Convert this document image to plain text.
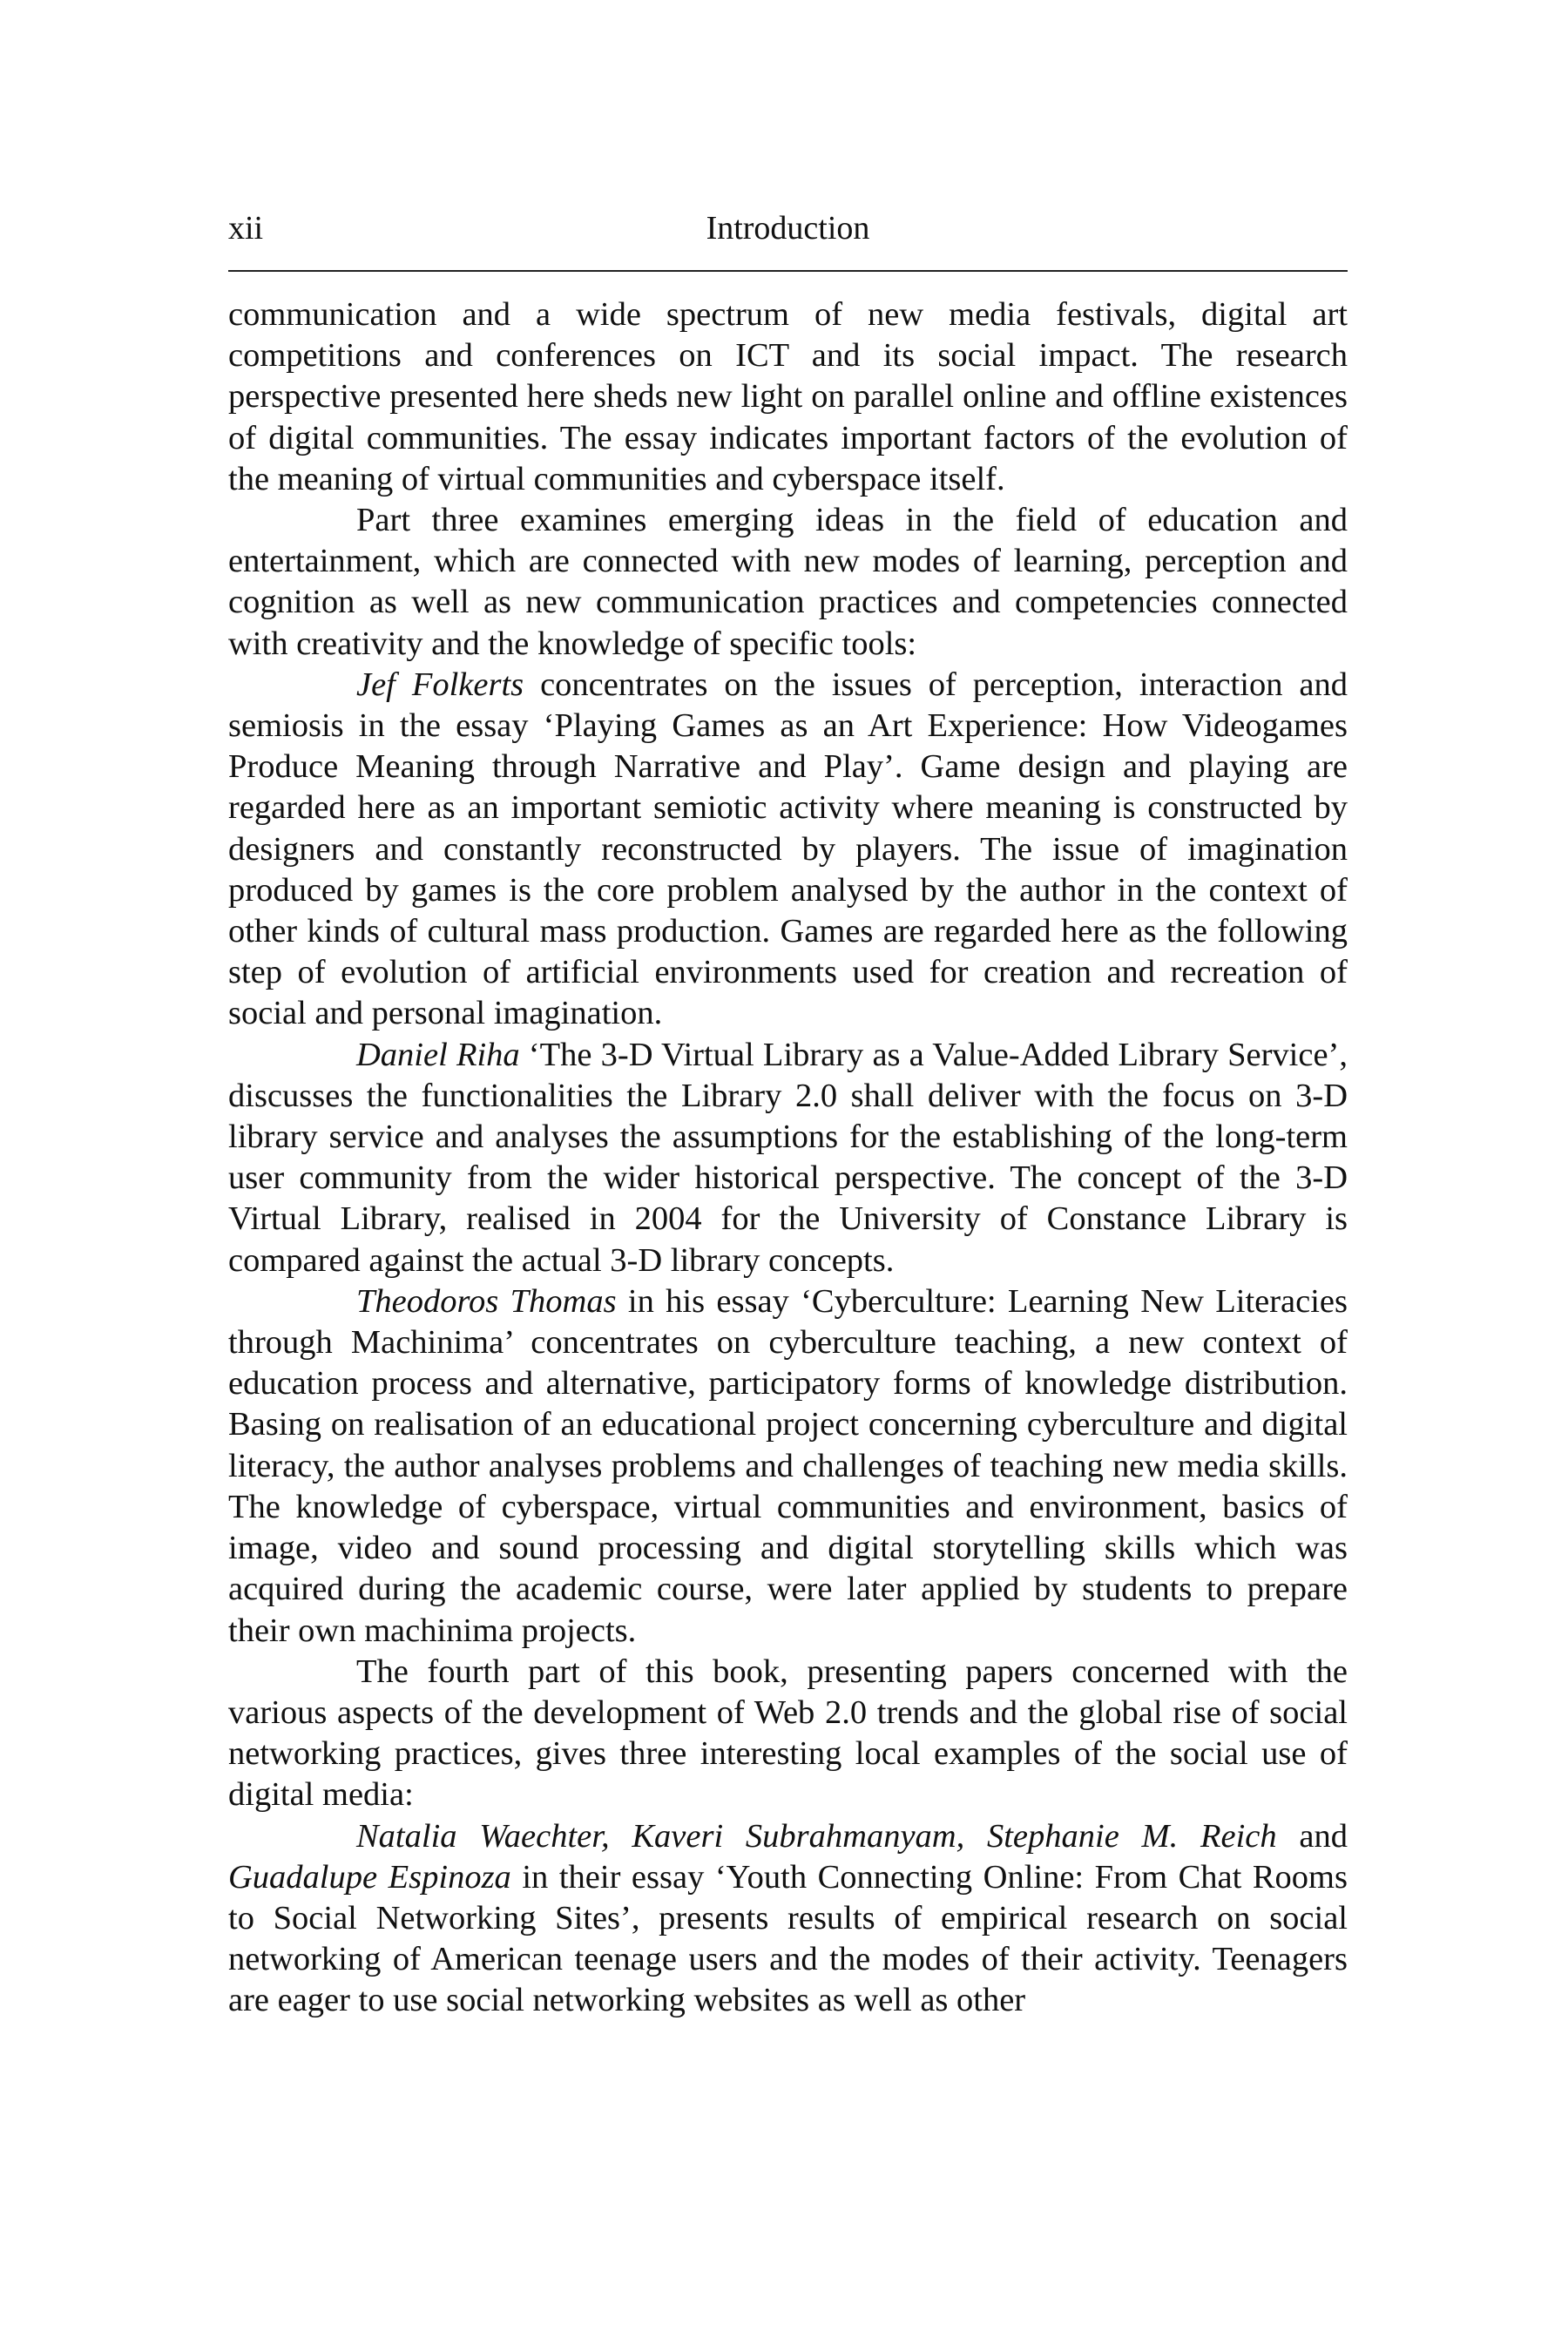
xii	Introduction

communication and a wide spectrum of new media festivals, digital art competitions and conferences on ICT and its social impact. The research perspective presented here sheds new light on parallel online and offline existences of digital communities. The essay indicates important factors of the evolution of the meaning of virtual communities and cyberspace itself.

Part three examines emerging ideas in the field of education and entertainment, which are connected with new modes of learning, perception and cognition as well as new communication practices and competencies connected with creativity and the knowledge of specific tools:

Jef Folkerts concentrates on the issues of perception, interaction and semiosis in the essay ‘Playing Games as an Art Experience: How Videogames Produce Meaning through Narrative and Play’. Game design and playing are regarded here as an important semiotic activity where meaning is constructed by designers and constantly reconstructed by players. The issue of imagination produced by games is the core problem analysed by the author in the context of other kinds of cultural mass production. Games are regarded here as the following step of evolution of artificial environments used for creation and recreation of social and personal imagination.

Daniel Riha ‘The 3-D Virtual Library as a Value-Added Library Service’, discusses the functionalities the Library 2.0 shall deliver with the focus on 3-D library service and analyses the assumptions for the establishing of the long-term user community from the wider historical perspective. The concept of the 3-D Virtual Library, realised in 2004 for the University of Constance Library is compared against the actual 3-D library concepts.

Theodoros Thomas in his essay ‘Cyberculture: Learning New Literacies through Machinima’ concentrates on cyberculture teaching, a new context of education process and alternative, participatory forms of knowledge distribution. Basing on realisation of an educational project concerning cyberculture and digital literacy, the author analyses problems and challenges of teaching new media skills. The knowledge of cyberspace, virtual communities and environment, basics of image, video and sound processing and digital storytelling skills which was acquired during the academic course, were later applied by students to prepare their own machinima projects.

The fourth part of this book, presenting papers concerned with the various aspects of the development of Web 2.0 trends and the global rise of social networking practices, gives three interesting local examples of the social use of digital media:

Natalia Waechter, Kaveri Subrahmanyam, Stephanie M. Reich and Guadalupe Espinoza in their essay ‘Youth Connecting Online: From Chat Rooms to Social Networking Sites’, presents results of empirical research on social networking of American teenage users and the modes of their activity. Teenagers are eager to use social networking websites as well as other
